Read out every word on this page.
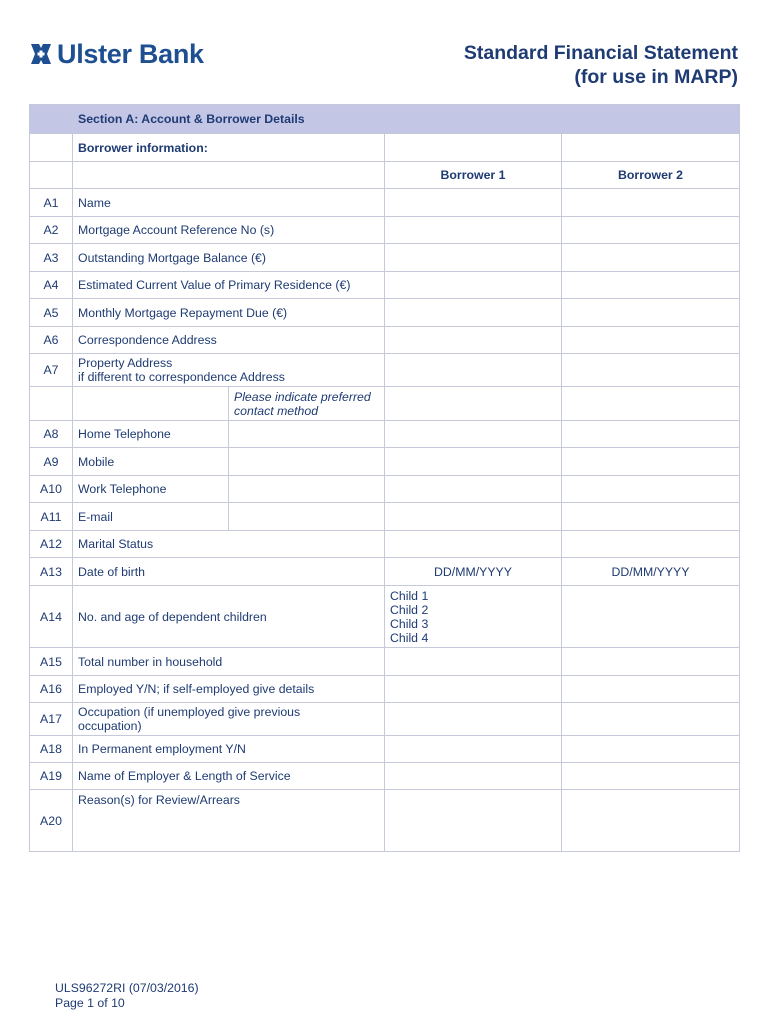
Ulster Bank	Standard Financial Statement
(for use in MARP)
	Section A: Account & Borrower Details			
	Borrower information:			
			Borrower 1	Borrower 2
A1	Name			
A2	Mortgage Account Reference No (s)			
A3	Outstanding Mortgage Balance (€)			
A4	Estimated Current Value of Primary Residence (€)			
A5	Monthly Mortgage Repayment Due (€)			
A6	Correspondence Address			
A7	Property Address
if different to correspondence Address			

		Please indicate preferred
contact method		

A8	Home Telephone			
A9	Mobile			
A10	Work Telephone			
A11	E-mail			
A12	Marital Status			
A13	Date of birth		DD/MM/YYYY	DD/MM/YYYY
A14	No. and age of dependent children		Child 1
Child 2
Child 3
Child 4	

A15	Total number in household			
A16	Employed Y/N; if self-employed give details			
A17	Occupation (if unemployed give previous
occupation)			

A18	In Permanent employment Y/N			
A19	Name of Employer & Length of Service			
A20	Reason(s) for Review/Arrears			
ULS96272RI (07/03/2016)
Page 1 of 10
